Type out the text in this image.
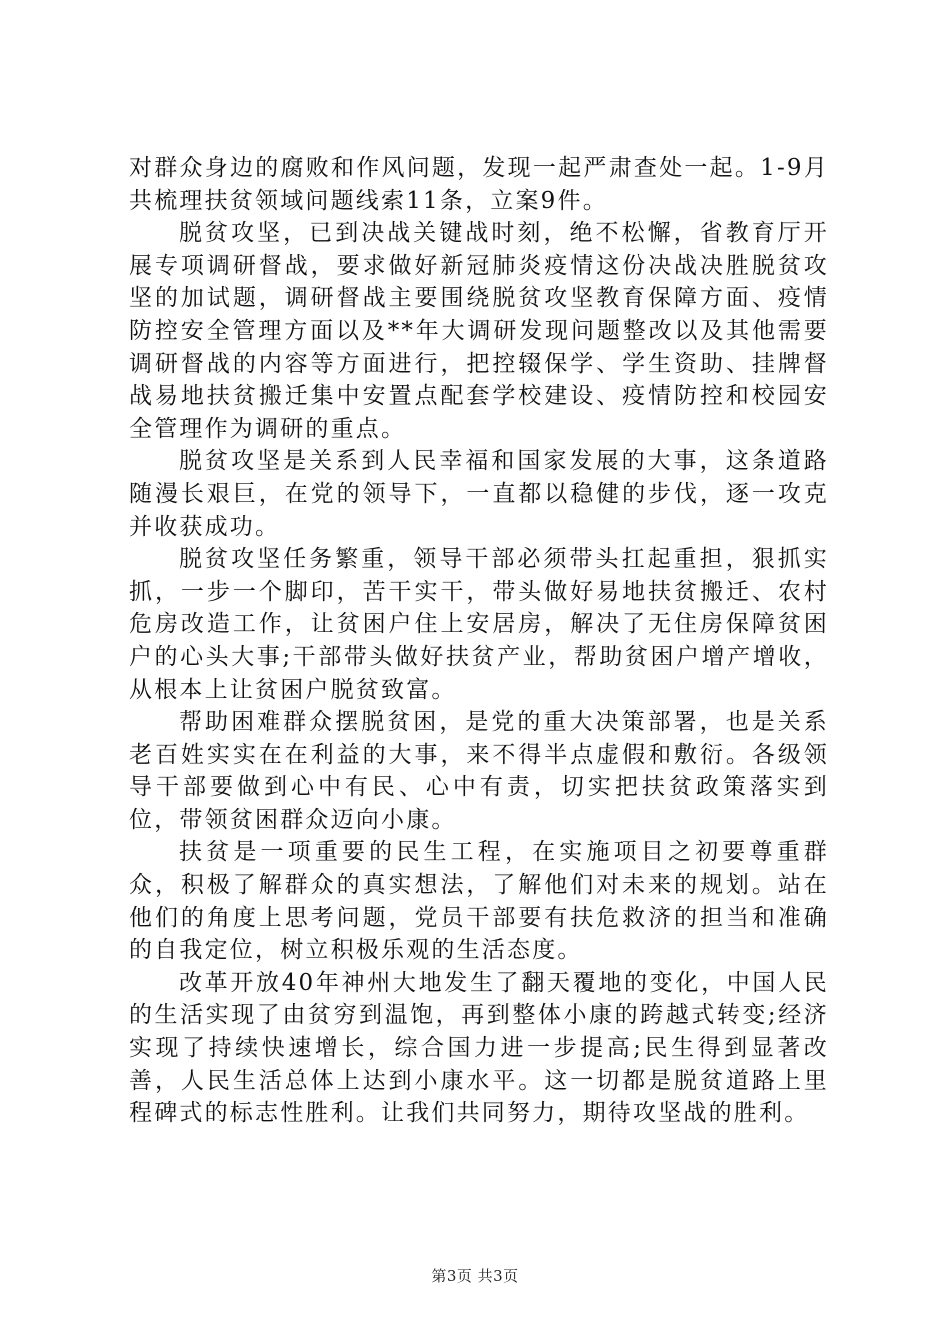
对群众身边的腐败和作风问题，发现一起严肃查处一起。1-9月共梳理扶贫领域问题线索11条，立案9件。

脱贫攻坚，已到决战关键战时刻，绝不松懈，省教育厅开展专项调研督战，要求做好新冠肺炎疫情这份决战决胜脱贫攻坚的加试题，调研督战主要围绕脱贫攻坚教育保障方面、疫情防控安全管理方面以及**年大调研发现问题整改以及其他需要调研督战的内容等方面进行，把控辍保学、学生资助、挂牌督战易地扶贫搬迁集中安置点配套学校建设、疫情防控和校园安全管理作为调研的重点。

脱贫攻坚是关系到人民幸福和国家发展的大事，这条道路随漫长艰巨，在党的领导下，一直都以稳健的步伐，逐一攻克并收获成功。

脱贫攻坚任务繁重，领导干部必须带头扛起重担，狠抓实抓，一步一个脚印，苦干实干，带头做好易地扶贫搬迁、农村危房改造工作，让贫困户住上安居房，解决了无住房保障贫困户的心头大事;干部带头做好扶贫产业，帮助贫困户增产增收，从根本上让贫困户脱贫致富。

帮助困难群众摆脱贫困，是党的重大决策部署，也是关系老百姓实实在在利益的大事，来不得半点虚假和敷衍。各级领导干部要做到心中有民、心中有责，切实把扶贫政策落实到位，带领贫困群众迈向小康。

扶贫是一项重要的民生工程，在实施项目之初要尊重群众，积极了解群众的真实想法，了解他们对未来的规划。站在他们的角度上思考问题，党员干部要有扶危救济的担当和准确的自我定位，树立积极乐观的生活态度。

改革开放40年神州大地发生了翻天覆地的变化，中国人民的生活实现了由贫穷到温饱，再到整体小康的跨越式转变;经济实现了持续快速增长，综合国力进一步提高;民生得到显著改善，人民生活总体上达到小康水平。这一切都是脱贫道路上里程碑式的标志性胜利。让我们共同努力，期待攻坚战的胜利。

第3页 共3页
